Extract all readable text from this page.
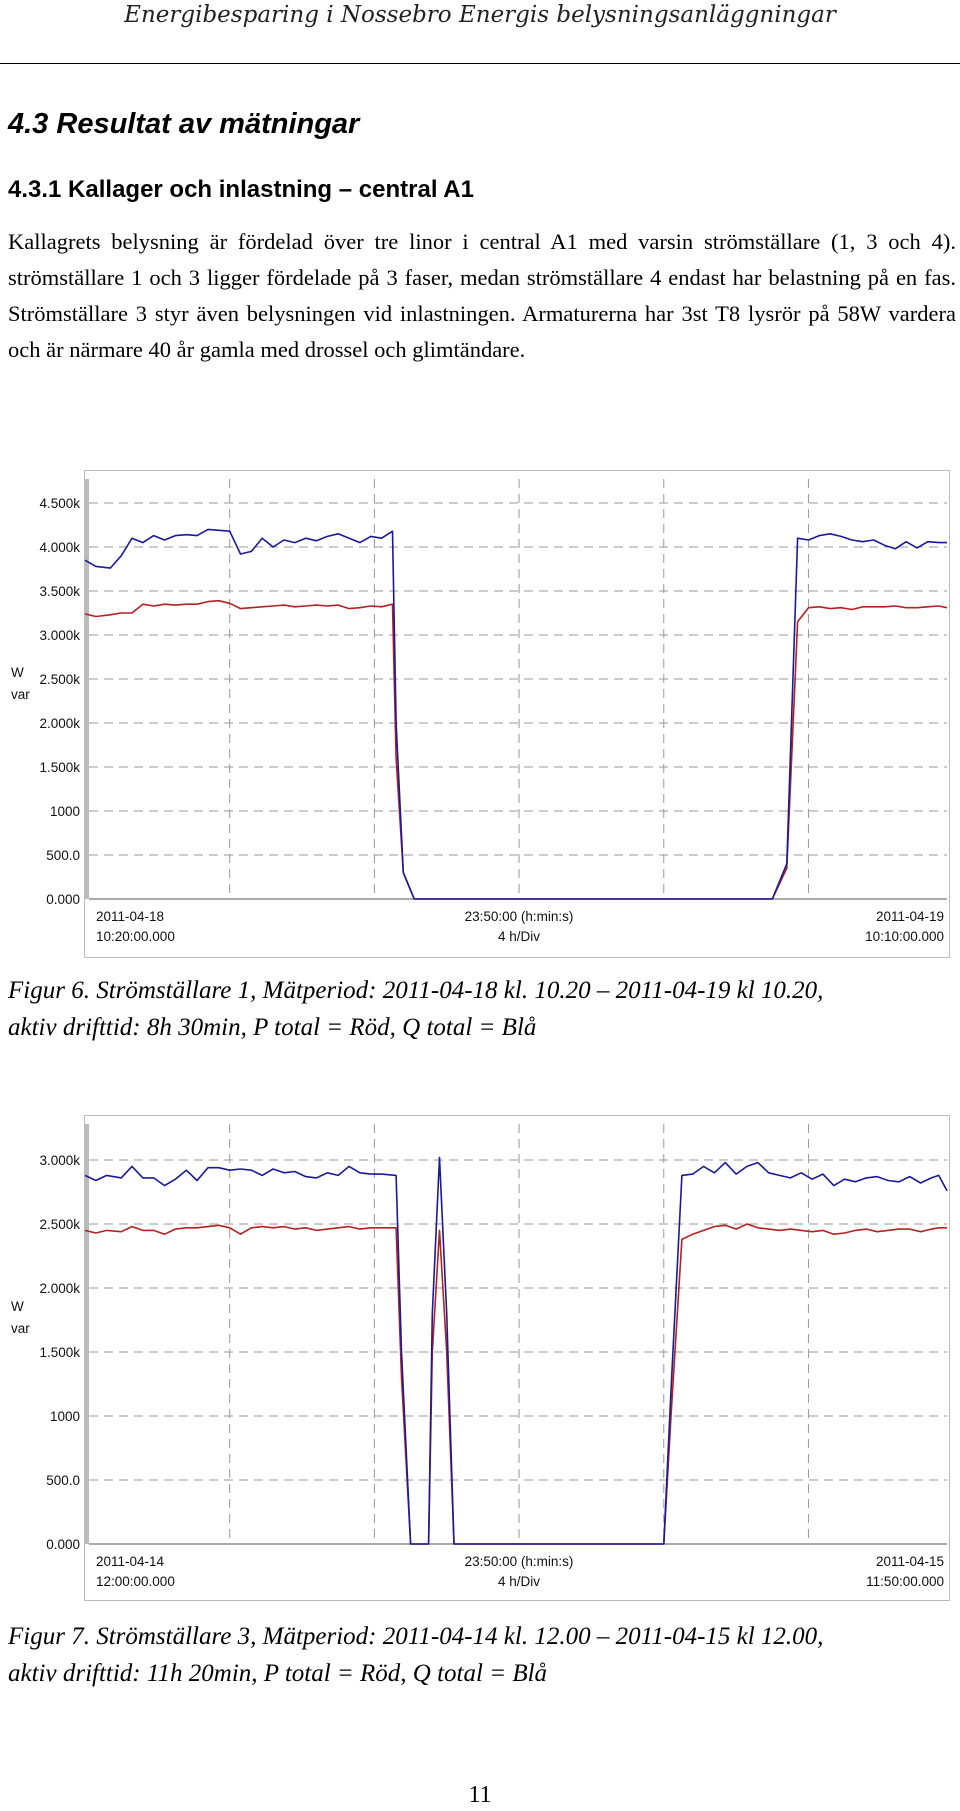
Energibesparing i Nossebro Energis belysningsanläggningar
4.3 Resultat av mätningar
4.3.1 Kallager och inlastning – central A1
Kallagrets belysning är fördelad över tre linor i central A1 med varsin strömställare (1, 3 och 4). strömställare 1 och 3 ligger fördelade på 3 faser, medan strömställare 4 endast har belastning på en fas. Strömställare 3 styr även belysningen vid inlastningen. Armaturerna har 3st T8 lysrör på 58W vardera och är närmare 40 år gamla med drossel och glimtändare.
Figur 6. Strömställare 1, Mätperiod: 2011-04-18 kl. 10.20 – 2011-04-19 kl 10.20,
aktiv drifttid: 8h 30min, P total = Röd, Q total = Blå
Figur 7. Strömställare 3, Mätperiod: 2011-04-14 kl. 12.00 – 2011-04-15 kl 12.00,
aktiv drifttid: 11h 20min, P total = Röd, Q total = Blå
11
4.500k
4.000k
3.500k
3.000k
2.500k
2.000k
1.500k
1000
500.0
0.000
W
var
2011-04-18
10:20:00.000
23:50:00 (h:min:s)
4 h/Div
2011-04-19
10:10:00.000
3.000k
2.500k
2.000k
1.500k
1000
500.0
0.000
W
var
2011-04-14
12:00:00.000
23:50:00 (h:min:s)
4 h/Div
2011-04-15
11:50:00.000
